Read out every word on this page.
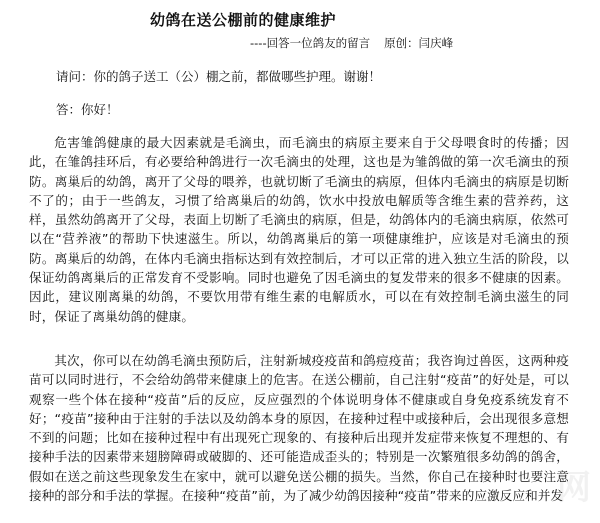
幼鸽在送公棚前的健康维护
----回答一位鸽友的留言 原创：闫庆峰
请问：你的鸽子送工（公）棚之前，都做哪些护理。谢谢！
答：你好！

危害雏鸽健康的最大因素就是毛滴虫，而毛滴虫的病原主要来自于父母喂食时的传播；因此，在雏鸽挂环后，有必要给种鸽进行一次毛滴虫的处理，这也是为雏鸽做的第一次毛滴虫的预防。离巢后的幼鸽，离开了父母的喂养，也就切断了毛滴虫的病原，但体内毛滴虫的病原是切断不了的；由于一些鸽友，习惯了给离巢后的幼鸽，饮水中投放电解质等含维生素的营养药，这样，虽然幼鸽离开了父母，表面上切断了毛滴虫的病原，但是，幼鸽体内的毛滴虫病原，依然可以在“营养液”的帮助下快速滋生。所以，幼鸽离巢后的第一项健康维护，应该是对毛滴虫的预防。离巢后的幼鸽，在体内毛滴虫指标达到有效控制后，才可以正常的进入独立生活的阶段，以保证幼鸽离巢后的正常发育不受影响。同时也避免了因毛滴虫的复发带来的很多不健康的因素。因此，建议刚离巢的幼鸽，不要饮用带有维生素的电解质水，可以在有效控制毛滴虫滋生的同时，保证了离巢幼鸽的健康。

其次，你可以在幼鸽毛滴虫预防后，注射新城疫疫苗和鸽痘疫苗；我咨询过兽医，这两种疫苗可以同时进行，不会给幼鸽带来健康上的危害。在送公棚前，自己注射“疫苗”的好处是，可以观察一些个体在接种“疫苗”后的反应，反应强烈的个体说明身体不健康或自身免疫系统发育不好；“疫苗”接种由于注射的手法以及幼鸽本身的原因，在接种过程中或接种后，会出现很多意想不到的问题；比如在接种过程中有出现死亡现象的、有接种后出现并发症带来恢复不理想的、有接种手法的因素带来翅膀障碍或破脚的、还可能造成歪头的；特别是一次繁殖很多幼鸽的鸽舍，假如在送之前这些现象发生在家中，就可以避免送公棚的损失。当然，你自己在接种时也要注意接种的部分和手法的掌握。在接种“疫苗”前，为了减少幼鸽因接种“疫苗”带来的应激反应和并发

网
